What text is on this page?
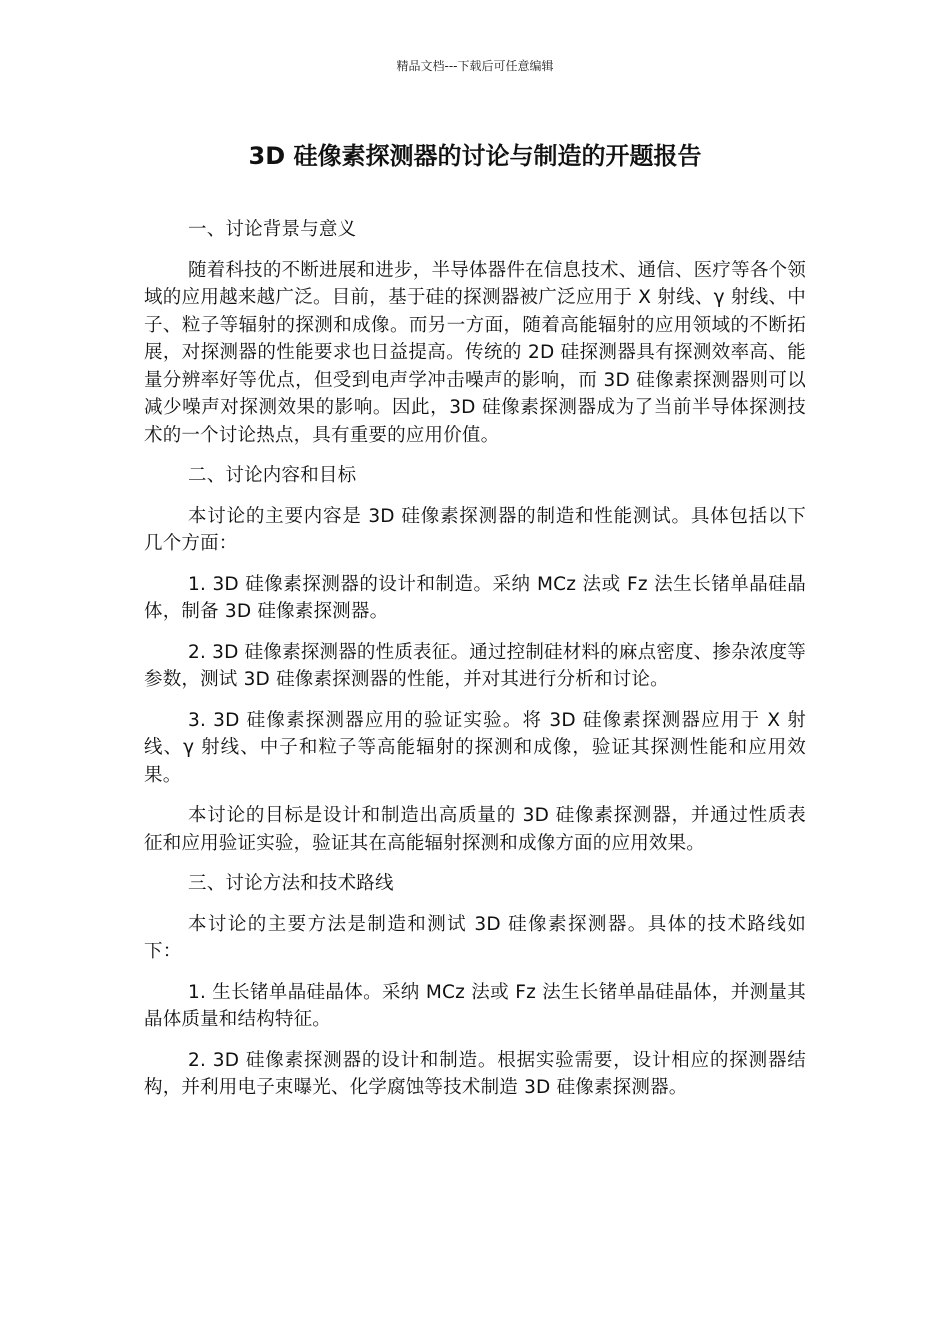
精品文档---下载后可任意编辑
3D 硅像素探测器的讨论与制造的开题报告

一、讨论背景与意义

随着科技的不断进展和进步，半导体器件在信息技术、通信、医疗等各个领域的应用越来越广泛。目前，基于硅的探测器被广泛应用于 X 射线、γ 射线、中子、粒子等辐射的探测和成像。而另一方面，随着高能辐射的应用领域的不断拓展，对探测器的性能要求也日益提高。传统的 2D 硅探测器具有探测效率高、能量分辨率好等优点，但受到电声学冲击噪声的影响，而 3D 硅像素探测器则可以减少噪声对探测效果的影响。因此，3D 硅像素探测器成为了当前半导体探测技术的一个讨论热点，具有重要的应用价值。

二、讨论内容和目标

本讨论的主要内容是 3D 硅像素探测器的制造和性能测试。具体包括以下几个方面：

1. 3D 硅像素探测器的设计和制造。采纳 MCz 法或 Fz 法生长锗单晶硅晶体，制备 3D 硅像素探测器。

2. 3D 硅像素探测器的性质表征。通过控制硅材料的麻点密度、掺杂浓度等参数，测试 3D 硅像素探测器的性能，并对其进行分析和讨论。

3. 3D 硅像素探测器应用的验证实验。将 3D 硅像素探测器应用于 X 射线、γ 射线、中子和粒子等高能辐射的探测和成像，验证其探测性能和应用效果。

本讨论的目标是设计和制造出高质量的 3D 硅像素探测器，并通过性质表征和应用验证实验，验证其在高能辐射探测和成像方面的应用效果。

三、讨论方法和技术路线

本讨论的主要方法是制造和测试 3D 硅像素探测器。具体的技术路线如下：

1. 生长锗单晶硅晶体。采纳 MCz 法或 Fz 法生长锗单晶硅晶体，并测量其晶体质量和结构特征。

2. 3D 硅像素探测器的设计和制造。根据实验需要，设计相应的探测器结构，并利用电子束曝光、化学腐蚀等技术制造 3D 硅像素探测器。
